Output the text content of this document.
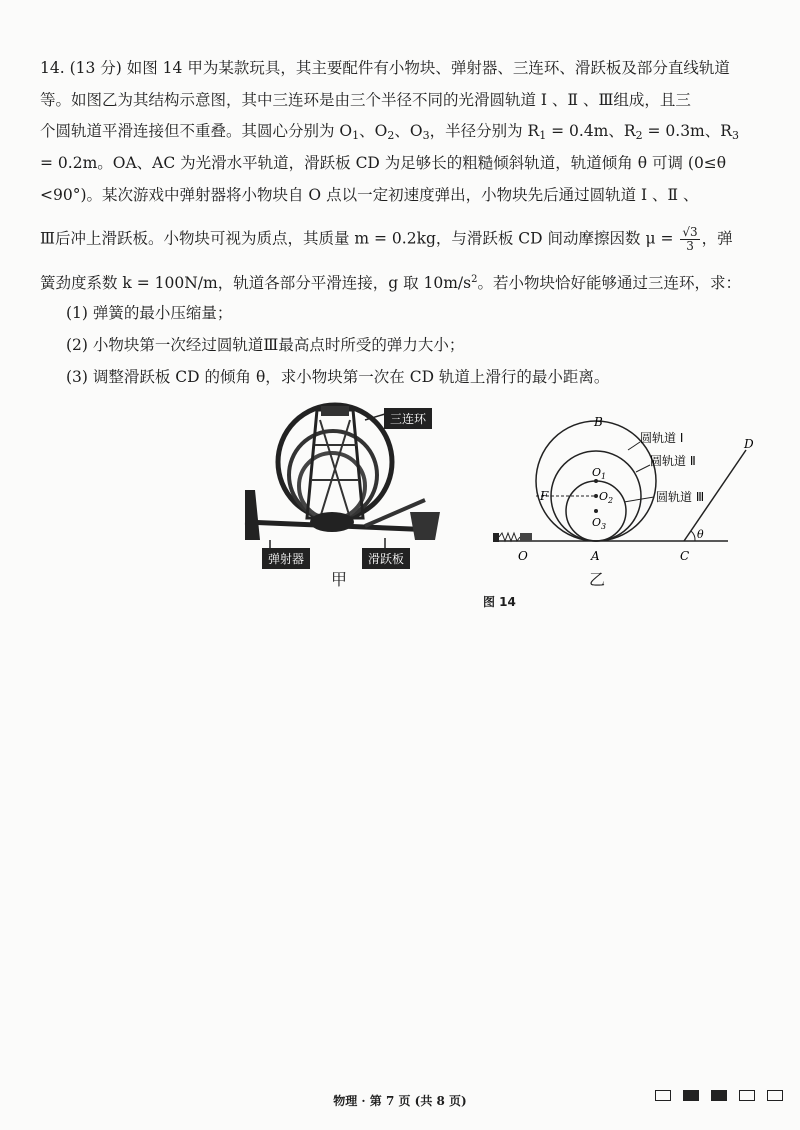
14. (13 分) 如图 14 甲为某款玩具，其主要配件有小物块、弹射器、三连环、滑跃板及部分直线轨道
等。如图乙为其结构示意图，其中三连环是由三个半径不同的光滑圆轨道 Ⅰ 、Ⅱ 、Ⅲ组成，且三
个圆轨道平滑连接但不重叠。其圆心分别为 $O_1$、$O_2$、$O_3$，半径分别为 $R_1 = 0.4m$、$R_2 = 0.3m$、$R_3$
= 0.2m。OA、AC 为光滑水平轨道，滑跃板 CD 为足够长的粗糙倾斜轨道，轨道倾角 θ 可调 (0≤θ
<90°)。某次游戏中弹射器将小物块自 O 点以一定初速度弹出，小物块先后通过圆轨道 Ⅰ 、Ⅱ 、
Ⅲ后冲上滑跃板。小物块可视为质点，其质量 m = 0.2kg，与滑跃板 CD 间动摩擦因数 $\mu = \frac{√3}{3}$ ，弹
簧劲度系数 k = 100N/m，轨道各部分平滑连接，g 取 $10m/s^2$。若小物块恰好能够通过三连环，求：
(1) 弹簧的最小压缩量；
(2) 小物块第一次经过圆轨道Ⅲ最高点时所受的弹力大小；
(3) 调整滑跃板 CD 的倾角 θ，求小物块第一次在 CD 轨道上滑行的最小距离。
三连环
弹射器	滑跃板
甲
B
F
O	A	C
D
θ
$O_1$
$O_2$
$O_3$
圆轨道 Ⅰ
圆轨道 Ⅱ
圆轨道 Ⅲ
乙
图 14
物理 · 第 7 页 (共 8 页)
